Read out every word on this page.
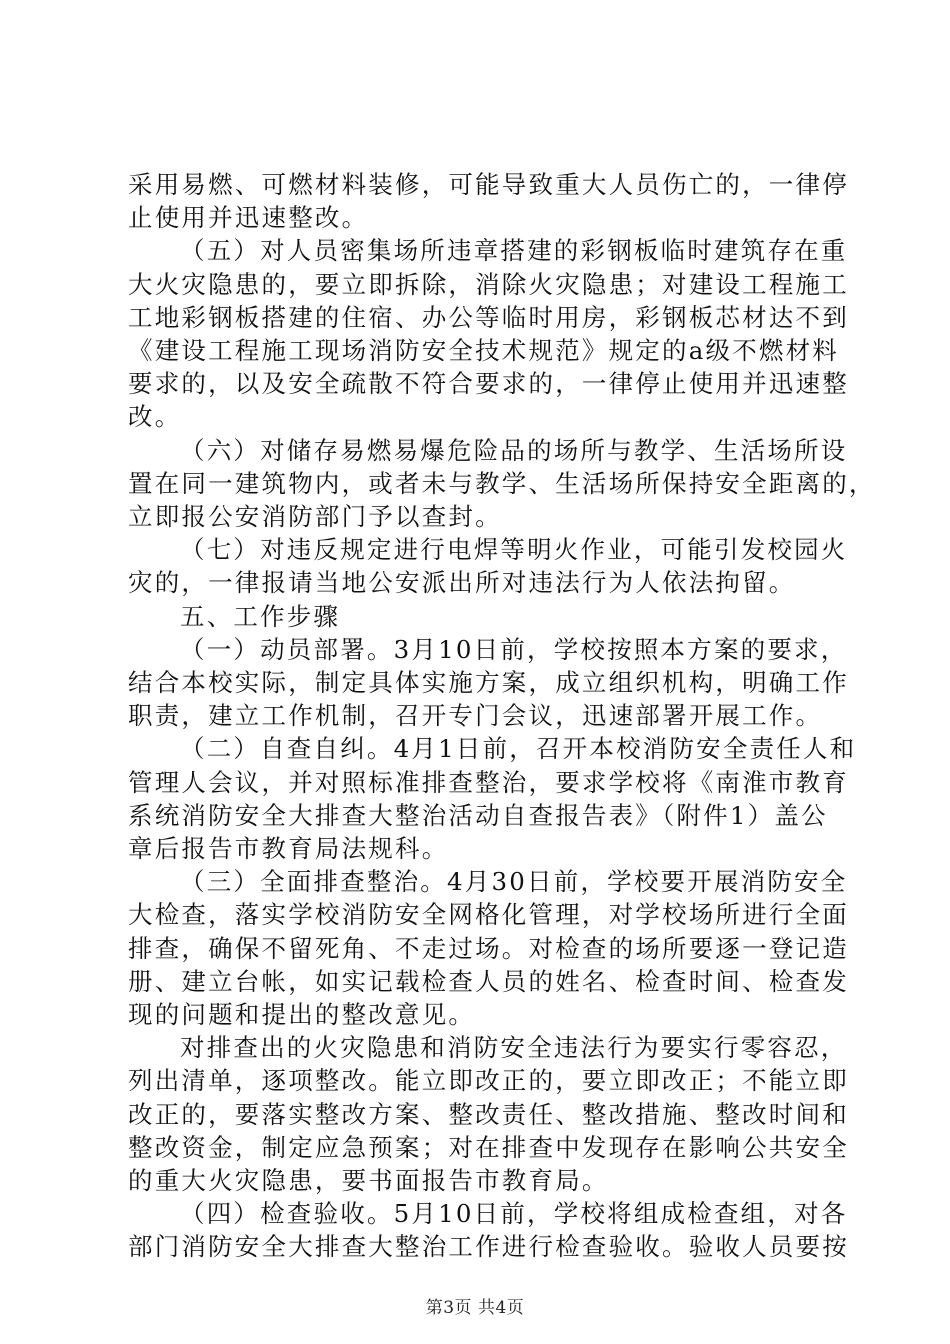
采用易燃、可燃材料装修，可能导致重大人员伤亡的，一律停
止使用并迅速整改。
（五）对人员密集场所违章搭建的彩钢板临时建筑存在重
大火灾隐患的，要立即拆除，消除火灾隐患；对建设工程施工
工地彩钢板搭建的住宿、办公等临时用房，彩钢板芯材达不到
《建设工程施工现场消防安全技术规范》规定的a级不燃材料
要求的，以及安全疏散不符合要求的，一律停止使用并迅速整
改。
（六）对储存易燃易爆危险品的场所与教学、生活场所设
置在同一建筑物内，或者未与教学、生活场所保持安全距离的，
立即报公安消防部门予以查封。
（七）对违反规定进行电焊等明火作业，可能引发校园火
灾的，一律报请当地公安派出所对违法行为人依法拘留。
五、工作步骤
（一）动员部署。3月10日前，学校按照本方案的要求，
结合本校实际，制定具体实施方案，成立组织机构，明确工作
职责，建立工作机制，召开专门会议，迅速部署开展工作。
（二）自查自纠。4月1日前，召开本校消防安全责任人和
管理人会议，并对照标准排查整治，要求学校将《南淮市教育
系统消防安全大排查大整治活动自查报告表》（附件1）盖公
章后报告市教育局法规科。
（三）全面排查整治。4月30日前，学校要开展消防安全
大检查，落实学校消防安全网格化管理，对学校场所进行全面
排查，确保不留死角、不走过场。对检查的场所要逐一登记造
册、建立台帐，如实记载检查人员的姓名、检查时间、检查发
现的问题和提出的整改意见。
对排查出的火灾隐患和消防安全违法行为要实行零容忍，
列出清单，逐项整改。能立即改正的，要立即改正；不能立即
改正的，要落实整改方案、整改责任、整改措施、整改时间和
整改资金，制定应急预案；对在排查中发现存在影响公共安全
的重大火灾隐患，要书面报告市教育局。
（四）检查验收。5月10日前，学校将组成检查组，对各
部门消防安全大排查大整治工作进行检查验收。验收人员要按
第3页 共4页
